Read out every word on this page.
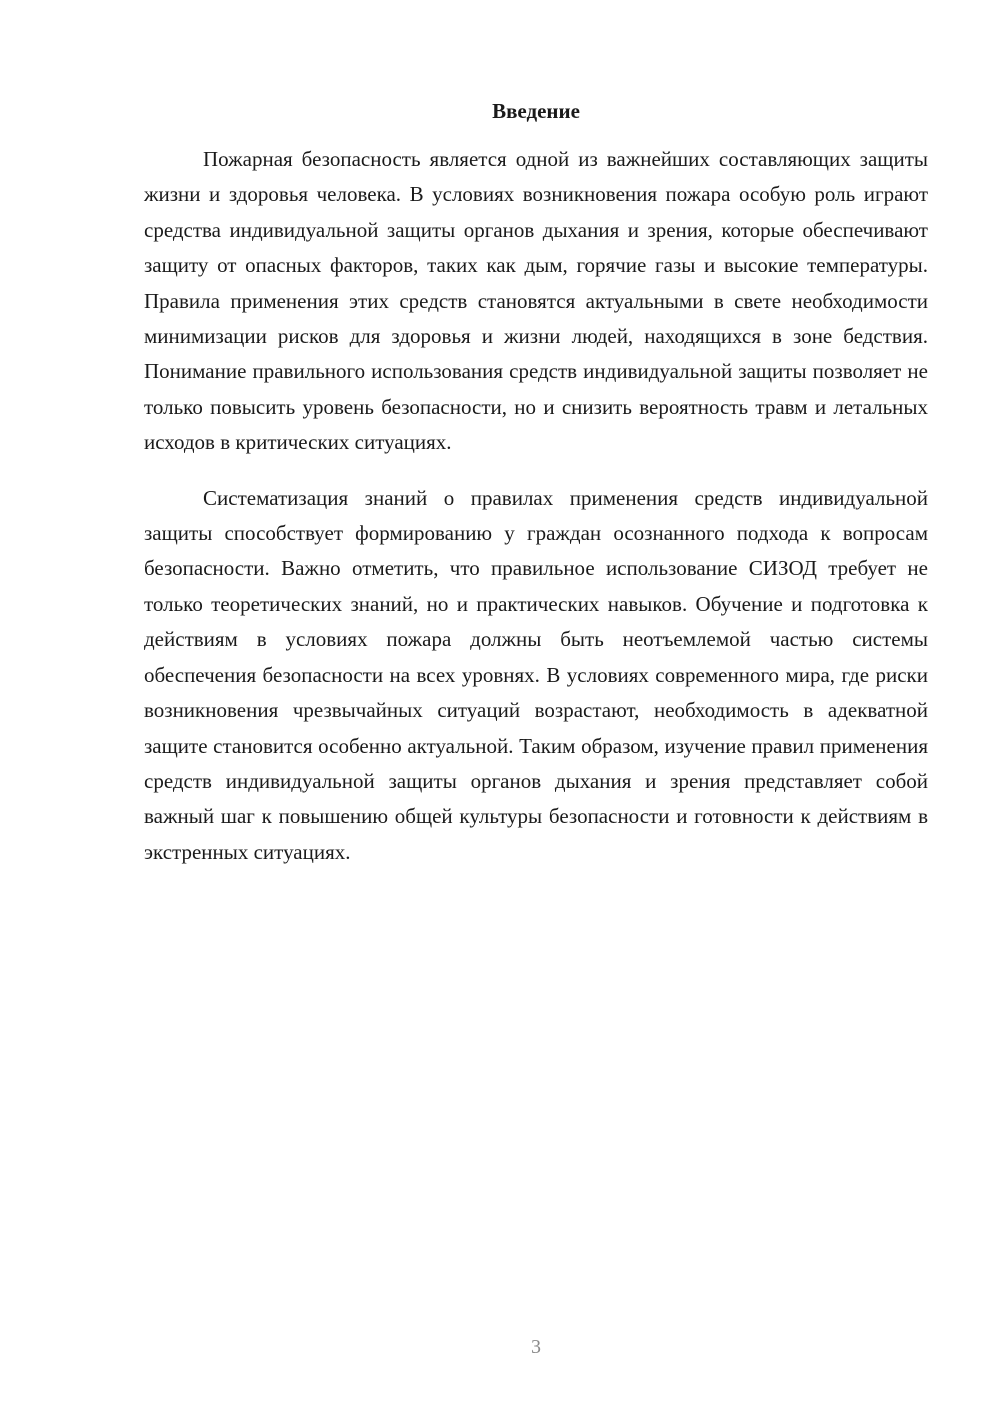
Введение

Пожарная безопасность является одной из важнейших составляющих защиты жизни и здоровья человека. В условиях возникновения пожара особую роль играют средства индивидуальной защиты органов дыхания и зрения, которые обеспечивают защиту от опасных факторов, таких как дым, горячие газы и высокие температуры. Правила применения этих средств становятся актуальными в свете необходимости минимизации рисков для здоровья и жизни людей, находящихся в зоне бедствия. Понимание правильного использования средств индивидуальной защиты позволяет не только повысить уровень безопасности, но и снизить вероятность травм и летальных исходов в критических ситуациях.

Систематизация знаний о правилах применения средств индивидуальной защиты способствует формированию у граждан осознанного подхода к вопросам безопасности. Важно отметить, что правильное использование СИЗОД требует не только теоретических знаний, но и практических навыков. Обучение и подготовка к действиям в условиях пожара должны быть неотъемлемой частью системы обеспечения безопасности на всех уровнях. В условиях современного мира, где риски возникновения чрезвычайных ситуаций возрастают, необходимость в адекватной защите становится особенно актуальной. Таким образом, изучение правил применения средств индивидуальной защиты органов дыхания и зрения представляет собой важный шаг к повышению общей культуры безопасности и готовности к действиям в экстренных ситуациях.

3
